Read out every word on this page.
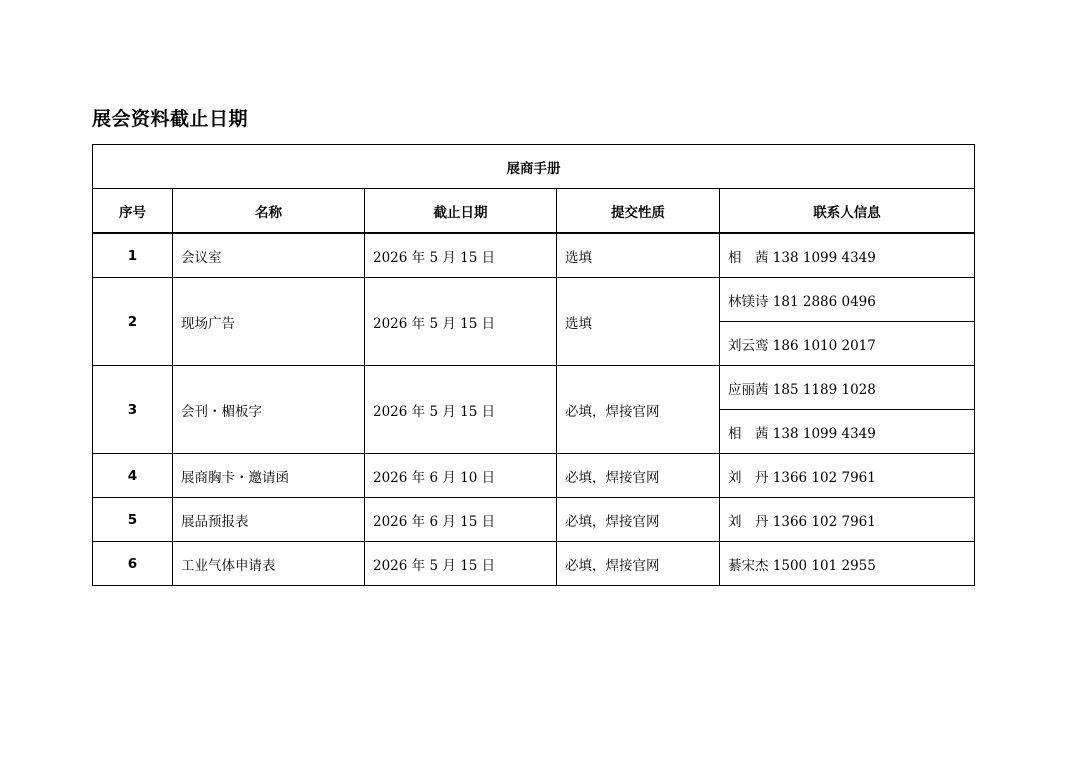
展会资料截止日期
展商手册				
序号	名称	截止日期	提交性质	联系人信息
1	会议室	2026 年 5 月 15 日	选填	相　茜 138 1099 4349
2	现场广告	2026 年 5 月 15 日	选填	林镁诗 181 2886 0496
				刘云鸾 186 1010 2017
3	会刊・楣板字	2026 年 5 月 15 日	必填，焊接官网	应丽茜 185 1189 1028
				相　茜 138 1099 4349
4	展商胸卡・邀请函	2026 年 6 月 10 日	必填，焊接官网	刘　丹 1366 102 7961
5	展品预报表	2026 年 6 月 15 日	必填，焊接官网	刘　丹 1366 102 7961
6	工业气体申请表	2026 年 5 月 15 日	必填，焊接官网	綦宋杰 1500 101 2955
